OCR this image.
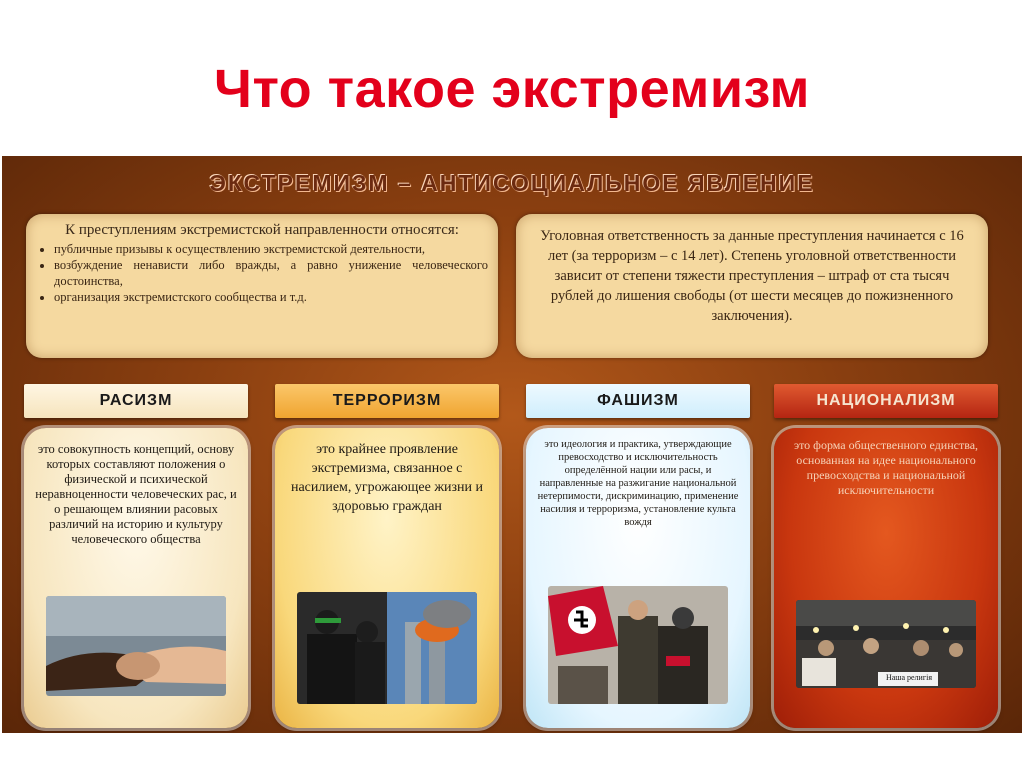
Что такое экстремизм
ЭКСТРЕМИЗМ – АНТИСОЦИАЛЬНОЕ ЯВЛЕНИЕ
К преступлениям экстремистской направленности относятся:
• публичные призывы к осуществлению экстремистской деятельности,
• возбуждение ненависти либо вражды, а равно унижение человеческого достоинства,
• организация экстремистского сообщества и т.д.
Уголовная ответственность за данные преступления начинается с 16 лет (за терроризм – с 14 лет). Степень уголовной ответственности зависит от степени тяжести преступления – штраф от ста тысяч рублей до лишения свободы (от шести месяцев до пожизненного заключения).
РАСИЗМ	ТЕРРОРИЗМ	ФАШИЗМ	НАЦИОНАЛИЗМ
это совокупность концепций, основу которых составляют положения о физической и психической неравноценности человеческих рас, и о решающем влиянии расовых различий на историю и культуру человеческого общества
это крайнее проявление экстремизма, связанное с насилием, угрожающее жизни и здоровью граждан
это идеология и практика, утверждающие превосходство и исключительность определённой нации или расы, и направленные на разжигание национальной нетерпимости, дискриминацию, применение насилия и терроризма, установление культа вождя
это форма общественного единства, основанная на идее национального превосходства и национальной исключительности
Наша религія
